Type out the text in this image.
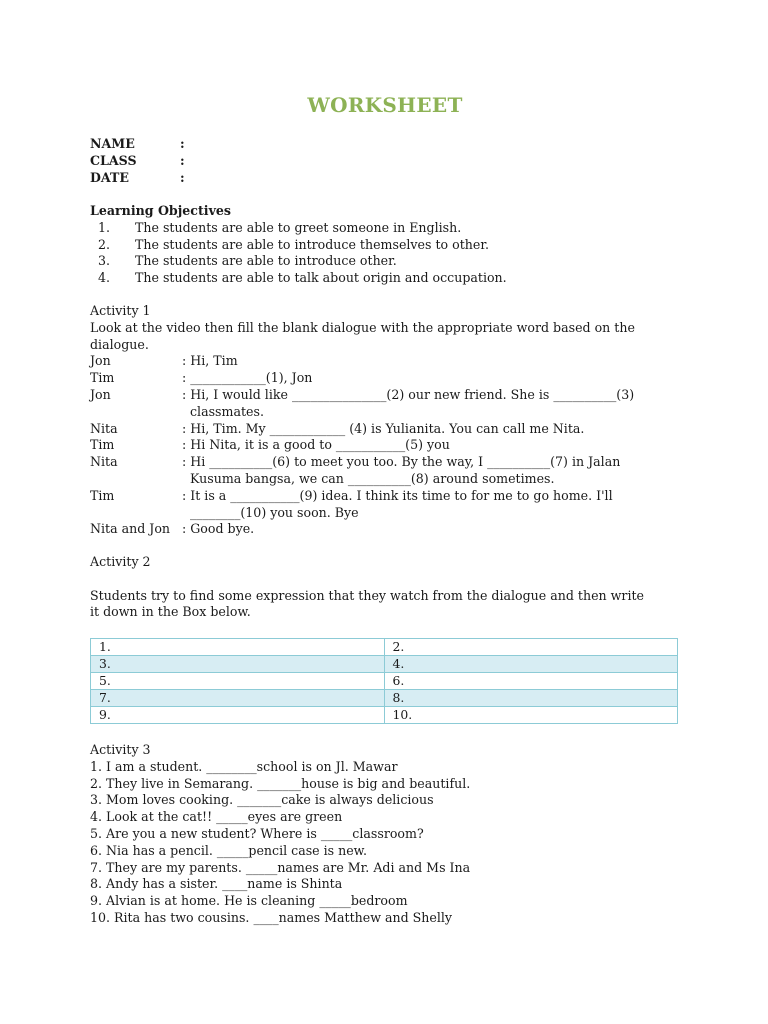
WORKSHEET
NAME	:
CLASS	:
DATE	:
Learning Objectives
1. The students are able to greet someone in English.
2. The students are able to introduce themselves to other.
3. The students are able to introduce other.
4. The students are able to talk about origin and occupation.
Activity 1
Look at the video then fill the blank dialogue with the appropriate word based on the
dialogue.
Jon	: Hi, Tim
Tim	: ____________(1), Jon
Jon	: Hi, I would like _______________(2) our new friend. She is __________(3)
classmates.
Nita	: Hi, Tim. My ____________ (4) is Yulianita. You can call me Nita.
Tim	: Hi Nita, it is a good to ___________(5) you
Nita	: Hi __________(6) to meet you too. By the way, I __________(7) in Jalan
Kusuma bangsa, we can __________(8) around sometimes.
Tim	: It is a ___________(9) idea. I think its time to for me to go home. I'll
________(10) you soon. Bye
Nita and Jon : Good bye.
Activity 2
Students try to find some expression that they watch from the dialogue and then write
it down in the Box below.
1.	2.
3.	4.
5.	6.
7.	8.
9.	10.
Activity 3
1. I am a student. ________school is on Jl. Mawar
2. They live in Semarang. _______house is big and beautiful.
3. Mom loves cooking. _______cake is always delicious
4. Look at the cat!! _____eyes are green
5. Are you a new student? Where is _____classroom?
6. Nia has a pencil. _____pencil case is new.
7. They are my parents. _____names are Mr. Adi and Ms Ina
8. Andy has a sister. ____name is Shinta
9. Alvian is at home. He is cleaning _____bedroom
10. Rita has two cousins. ____names Matthew and Shelly
